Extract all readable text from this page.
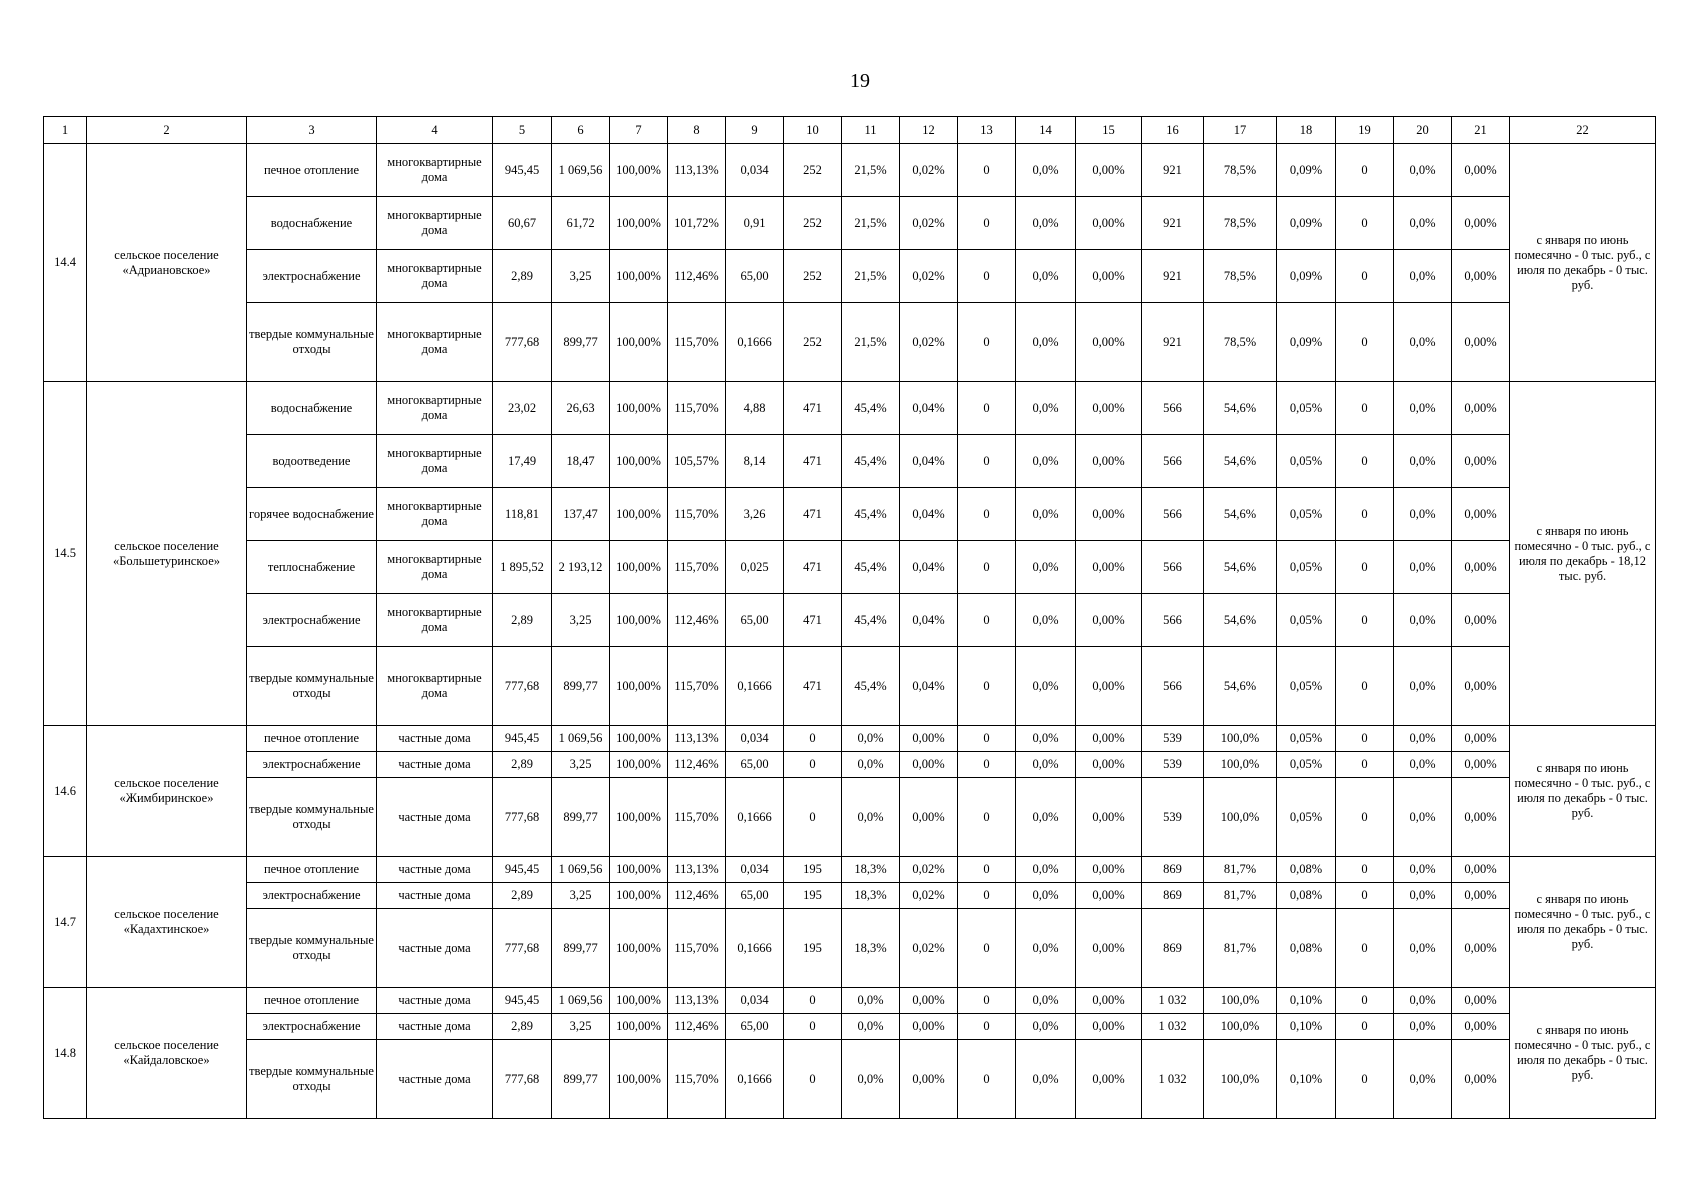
19
1	2	3	4	5	6	7	8	9	10	11	12	13	14	15	16	17	18	19	20	21	22
14.4	сельское поселение «Адриановское»	печное отопление	многоквартирные дома	945,45	1 069,56	100,00%	113,13%	0,034	252	21,5%	0,02%	0	0,0%	0,00%	921	78,5%	0,09%	0	0,0%	0,00%	с января по июнь помесячно - 0 тыс. руб., с июля по декабрь - 0 тыс. руб.
		водоснабжение	многоквартирные дома	60,67	61,72	100,00%	101,72%	0,91	252	21,5%	0,02%	0	0,0%	0,00%	921	78,5%	0,09%	0	0,0%	0,00%	
		электроснабжение	многоквартирные дома	2,89	3,25	100,00%	112,46%	65,00	252	21,5%	0,02%	0	0,0%	0,00%	921	78,5%	0,09%	0	0,0%	0,00%	
		твердые коммунальные отходы	многоквартирные дома	777,68	899,77	100,00%	115,70%	0,1666	252	21,5%	0,02%	0	0,0%	0,00%	921	78,5%	0,09%	0	0,0%	0,00%	
14.5	сельское поселение «Большетуринское»	водоснабжение	многоквартирные дома	23,02	26,63	100,00%	115,70%	4,88	471	45,4%	0,04%	0	0,0%	0,00%	566	54,6%	0,05%	0	0,0%	0,00%	с января по июнь помесячно - 0 тыс. руб., с июля по декабрь - 18,12 тыс. руб.
		водоотведение	многоквартирные дома	17,49	18,47	100,00%	105,57%	8,14	471	45,4%	0,04%	0	0,0%	0,00%	566	54,6%	0,05%	0	0,0%	0,00%	
		горячее водоснабжение	многоквартирные дома	118,81	137,47	100,00%	115,70%	3,26	471	45,4%	0,04%	0	0,0%	0,00%	566	54,6%	0,05%	0	0,0%	0,00%	
		теплоснабжение	многоквартирные дома	1 895,52	2 193,12	100,00%	115,70%	0,025	471	45,4%	0,04%	0	0,0%	0,00%	566	54,6%	0,05%	0	0,0%	0,00%	
		электроснабжение	многоквартирные дома	2,89	3,25	100,00%	112,46%	65,00	471	45,4%	0,04%	0	0,0%	0,00%	566	54,6%	0,05%	0	0,0%	0,00%	
		твердые коммунальные отходы	многоквартирные дома	777,68	899,77	100,00%	115,70%	0,1666	471	45,4%	0,04%	0	0,0%	0,00%	566	54,6%	0,05%	0	0,0%	0,00%	
14.6	сельское поселение «Жимбиринское»	печное отопление	частные дома	945,45	1 069,56	100,00%	113,13%	0,034	0	0,0%	0,00%	0	0,0%	0,00%	539	100,0%	0,05%	0	0,0%	0,00%	с января по июнь помесячно - 0 тыс. руб., с июля по декабрь - 0 тыс. руб.
		электроснабжение	частные дома	2,89	3,25	100,00%	112,46%	65,00	0	0,0%	0,00%	0	0,0%	0,00%	539	100,0%	0,05%	0	0,0%	0,00%	
		твердые коммунальные отходы	частные дома	777,68	899,77	100,00%	115,70%	0,1666	0	0,0%	0,00%	0	0,0%	0,00%	539	100,0%	0,05%	0	0,0%	0,00%	
14.7	сельское поселение «Кадахтинское»	печное отопление	частные дома	945,45	1 069,56	100,00%	113,13%	0,034	195	18,3%	0,02%	0	0,0%	0,00%	869	81,7%	0,08%	0	0,0%	0,00%	с января по июнь помесячно - 0 тыс. руб., с июля по декабрь - 0 тыс. руб.
		электроснабжение	частные дома	2,89	3,25	100,00%	112,46%	65,00	195	18,3%	0,02%	0	0,0%	0,00%	869	81,7%	0,08%	0	0,0%	0,00%	
		твердые коммунальные отходы	частные дома	777,68	899,77	100,00%	115,70%	0,1666	195	18,3%	0,02%	0	0,0%	0,00%	869	81,7%	0,08%	0	0,0%	0,00%	
14.8	сельское поселение «Кайдаловское»	печное отопление	частные дома	945,45	1 069,56	100,00%	113,13%	0,034	0	0,0%	0,00%	0	0,0%	0,00%	1 032	100,0%	0,10%	0	0,0%	0,00%	с января по июнь помесячно - 0 тыс. руб., с июля по декабрь - 0 тыс. руб.
		электроснабжение	частные дома	2,89	3,25	100,00%	112,46%	65,00	0	0,0%	0,00%	0	0,0%	0,00%	1 032	100,0%	0,10%	0	0,0%	0,00%	
		твердые коммунальные отходы	частные дома	777,68	899,77	100,00%	115,70%	0,1666	0	0,0%	0,00%	0	0,0%	0,00%	1 032	100,0%	0,10%	0	0,0%	0,00%	
